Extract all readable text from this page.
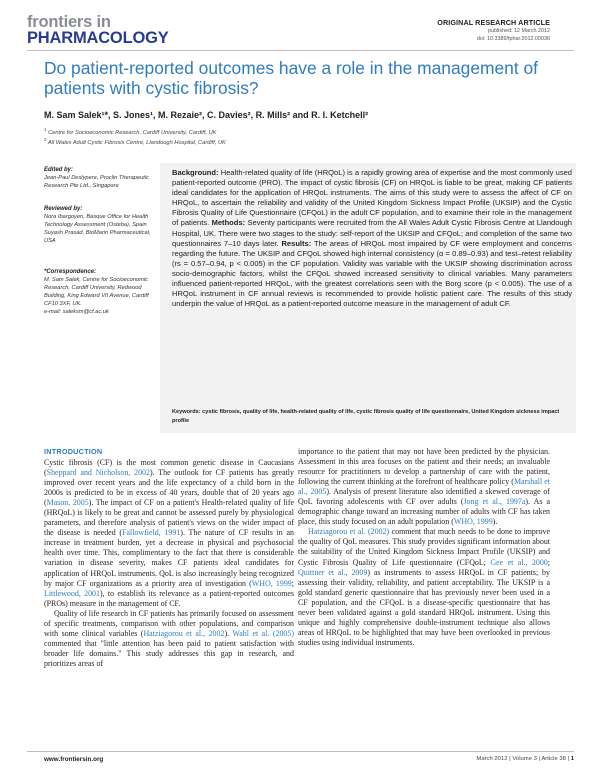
frontiers in
PHARMACOLOGY
ORIGINAL RESEARCH ARTICLE
published: 12 March 2012
doi: 10.3389/fphar.2012.00036
Do patient-reported outcomes have a role in the management of patients with cystic fibrosis?
M. Sam Salek¹*, S. Jones¹, M. Rezaie², C. Davies², R. Mills² and R. I. Ketchell²
$^1$ Centre for Socioeconomic Research, Cardiff University, Cardiff, UK
$^2$ All Wales Adult Cystic Fibrosis Centre, Llandough Hospital, Cardiff, UK
Edited by:
Jean-Paul Deslypere, Proclin Therapeutic Research Pte Ltd., Singapore
Reviewed by:
Nora Ibargoyen, Basque Office for Health Technology Assessment (Osteba), Spain
Suyash Prasad, BioMarin Pharmaceutical, USA
*Correspondence:
M. Sam Salek, Centre for Socioeconomic Research, Cardiff University, Redwood Building, King Edward VII Avenue, Cardiff CF10 3XF, UK.
e-mail: saleksm@cf.ac.uk
Background: Health-related quality of life (HRQoL) is a rapidly growing area of expertise and the most commonly used patient-reported outcome (PRO). The impact of cystic fibrosis (CF) on HRQoL is liable to be great, making CF patients ideal candidates for the application of HRQoL instruments. The aims of this study were to assess the affect of CF on HRQoL, to ascertain the reliability and validity of the United Kingdom Sickness Impact Profile (UKSIP) and the Cystic Fibrosis Quality of Life Questionnaire (CFQoL) in the adult CF population, and to examine their role in the management of patients. Methods: Seventy participants were recruited from the All Wales Adult Cystic Fibrosis Centre at Llandough Hospital, UK. There were two stages to the study: self-report of the UKSIP and CFQoL; and completion of the same two questionnaires 7–10 days later. Results: The areas of HRQoL most impaired by CF were employment and concerns regarding the future. The UKSIP and CFQoL showed high internal consistency (α = 0.89–0.93) and test–retest reliability (rs = 0.57–0.94, p < 0.005) in the CF population. Validity was variable with the UKSIP showing discrimination across socio-demographic factors, whilst the CFQoL showed increased sensitivity to clinical variables. Many parameters influenced patient-reported HRQoL, with the greatest correlations seen with the Borg score (p < 0.005). The use of a HRQoL instrument in CF annual reviews is recommended to provide holistic patient care. The results of this study underpin the value of HRQoL as a patient-reported outcome measure in the management of adult CF.
Keywords: cystic fibrosis, quality of life, health-related quality of life, cystic fibrosis quality of life questionnaire, United Kingdom sickness impact profile
INTRODUCTION

Cystic fibrosis (CF) is the most common genetic disease in Caucasians (Sheppard and Nicholson, 2002). The outlook for CF patients has greatly improved over recent years and the life expectancy of a child born in the 2000s is predicted to be in excess of 40 years, double that of 20 years ago (Mason, 2005). The impact of CF on a patient's Health-related quality of life (HRQoL) is likely to be great and cannot be assessed purely by physiological parameters, and therefore analysis of patient's views on the wider impact of the disease is needed (Fallowfield, 1991). The nature of CF results in an increase in treatment burden, yet a decrease in physical and psychosocial health over time. This, complimentary to the fact that there is considerable variation in disease severity, makes CF patients ideal candidates for application of HRQoL instruments. QoL is also increasingly being recognized by major CF organizations as a priority area of investigation (WHO, 1999; Littlewood, 2001), to establish its relevance as a patient-reported outcomes (PROs) measure in the management of CF.

Quality of life research in CF patients has primarily focused on assessment of specific treatments, comparison with other populations, and comparison with some clinical variables (Hatziagorou et al., 2002). Wahl et al. (2005) commented that "little attention has been paid to patient satisfaction with broader life domains." This study addresses this gap in research, and prioritizes areas of

importance to the patient that may not have been predicted by the physician. Assessment in this area focuses on the patient and their needs; an invaluable resource for practitioners to develop a partnership of care with the patient, following the current thinking at the forefront of healthcare policy (Marshall et al., 2005). Analysis of present literature also identified a skewed coverage of QoL favoring adolescents with CF over adults (Jong et al., 1997a). As a demographic change toward an increasing number of adults with CF has taken place, this study focused on an adult population (WHO, 1999).

Hatziagorou et al. (2002) comment that much needs to be done to improve the quality of QoL measures. This study provides significant information about the suitability of the United Kingdom Sickness Impact Profile (UKSIP) and Cystic Fibrosis Quality of Life questionnaire (CFQoL; Gee et al., 2000; Quittner et al., 2009) as instruments to assess HRQoL in CF patients; by assessing their validity, reliability, and patient acceptability. The UKSIP is a gold standard generic questionnaire that has previously never been used in a CF population, and the CFQoL is a disease-specific questionnaire that has never been validated against a gold standard HRQoL instrument. Using this unique and highly comprehensive double-instrument technique also allows areas of HRQoL to be highlighted that may have been overlooked in previous studies using individual instruments.

www.frontiersin.org	March 2012 | Volume 3 | Article 38 | 1
